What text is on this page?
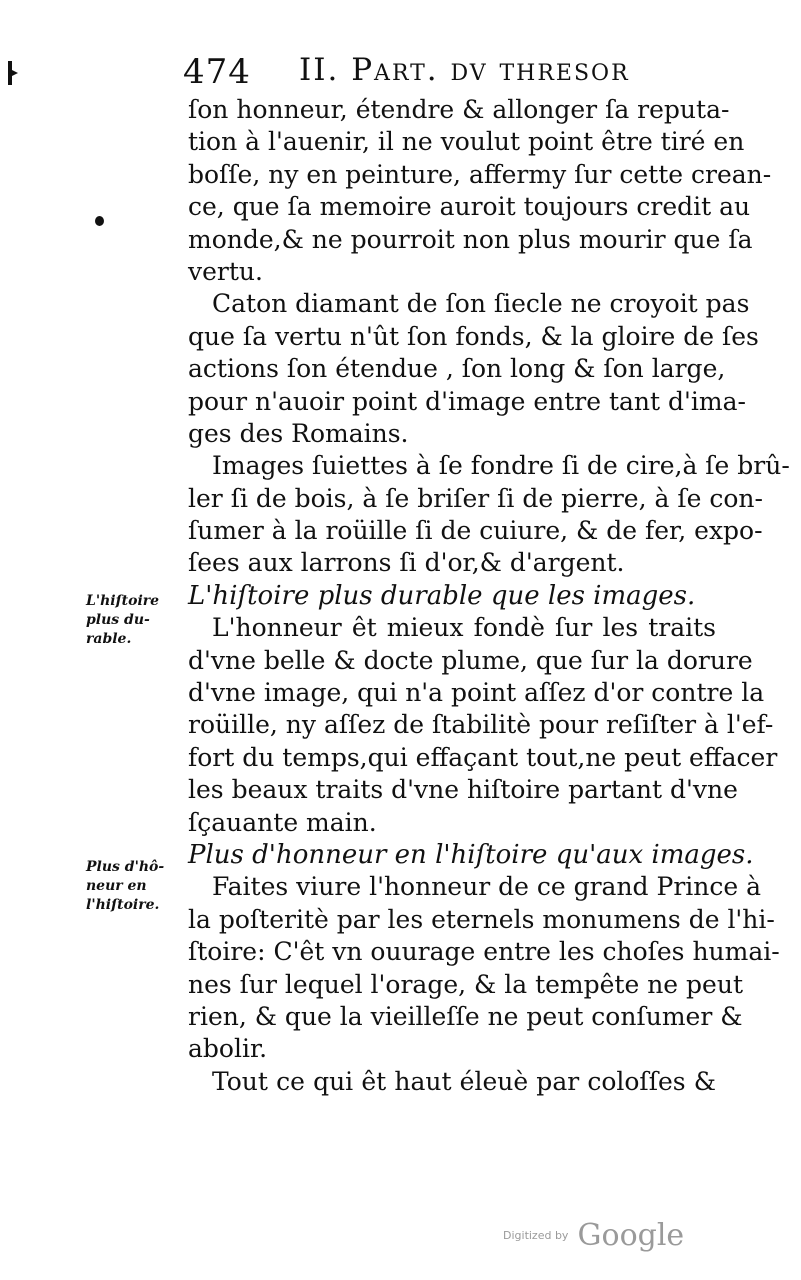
474 II. Part. dv thresor
ſon honneur, étendre & allonger ſa reputa-
tion à l'auenir, il ne voulut point être tiré en
boſſe, ny en peinture, affermy ſur cette crean-
ce, que ſa memoire auroit toujours credit au
monde,& ne pourroit non plus mourir que ſa
vertu.
Caton diamant de ſon ſiecle ne croyoit pas
que ſa vertu n'ût ſon fonds, & la gloire de ſes
actions ſon étendue , ſon long & ſon large,
pour n'auoir point d'image entre tant d'ima-
ges des Romains.
Images ſuiettes à ſe fondre ſi de cire,à ſe brû-
ler ſi de bois, à ſe briſer ſi de pierre, à ſe con-
ſumer à la roüille ſi de cuiure, & de fer, expo-
ſees aux larrons ſi d'or,& d'argent.
L'hiſtoire plus durable que les images.
L'honneur êt mieux fondè ſur les traits
d'vne belle & docte plume, que ſur la dorure
d'vne image, qui n'a point aſſez d'or contre la
roüille, ny aſſez de ſtabilitè pour reſiſter à l'ef-
fort du temps,qui effaçant tout,ne peut effacer
les beaux traits d'vne hiſtoire partant d'vne
ſçauante main.
Plus d'honneur en l'hiſtoire qu'aux images.
Faites viure l'honneur de ce grand Prince à
la poſteritè par les eternels monumens de l'hi-
ſtoire: C'êt vn ouurage entre les choſes humai-
nes ſur lequel l'orage, & la tempête ne peut
rien, & que la vieilleſſe ne peut conſumer &
abolir.
Tout ce qui êt haut éleuè par coloſſes &
L'hiſtoire
plus du-
rable.
Plus d'hô-
neur en
l'hiſtoire.
Digitized by Google
